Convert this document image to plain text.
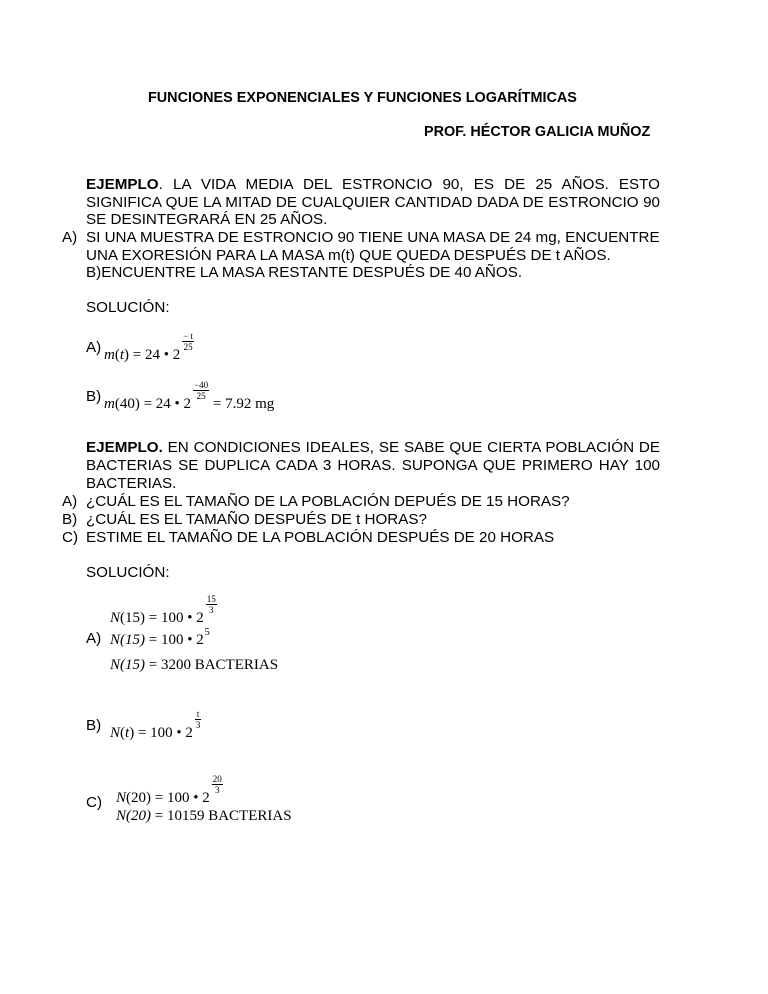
FUNCIONES EXPONENCIALES Y FUNCIONES LOGARÍTMICAS
PROF. HÉCTOR GALICIA MUÑOZ
EJEMPLO. LA VIDA MEDIA DEL ESTRONCIO 90, ES DE 25 AÑOS. ESTO
SIGNIFICA QUE LA MITAD DE CUALQUIER CANTIDAD DADA DE ESTRONCIO 90
SE DESINTEGRARÁ EN 25 AÑOS.
A) SI UNA MUESTRA DE ESTRONCIO 90 TIENE UNA MASA DE 24 mg, ENCUENTRE
UNA EXORESIÓN PARA LA MASA m(t) QUE QUEDA DESPUÉS DE t AÑOS.
B)ENCUENTRE LA MASA RESTANTE DESPUÉS DE 40 AÑOS.
SOLUCIÓN:
A) m(t) = 24 • 2
$\frac{- t}{25}$
B) m(40) = 24 • 2
$\frac{-40}{25}$
= 7.92 mg
EJEMPLO. EN CONDICIONES IDEALES, SE SABE QUE CIERTA POBLACIÓN DE
BACTERIAS SE DUPLICA CADA 3 HORAS. SUPONGA QUE PRIMERO HAY 100
BACTERIAS.
A) ¿CUÁL ES EL TAMAÑO DE LA POBLACIÓN DEPUÉS DE 15 HORAS?
B) ¿CUÁL ES EL TAMAÑO DESPUÉS DE t HORAS?
C) ESTIME EL TAMAÑO DE LA POBLACIÓN DESPUÉS DE 20 HORAS
SOLUCIÓN:
N(15) = 100 • 2
$\frac{15}{3}$
A) N(15) = 100 • $2^5$
N(15) = 3200 BACTERIAS
B) N(t) = 100 • 2
$\frac{t}{3}$
N(20) = 100 • 2
$\frac{20}{3}$
C)
N(20) = 10159 BACTERIAS
